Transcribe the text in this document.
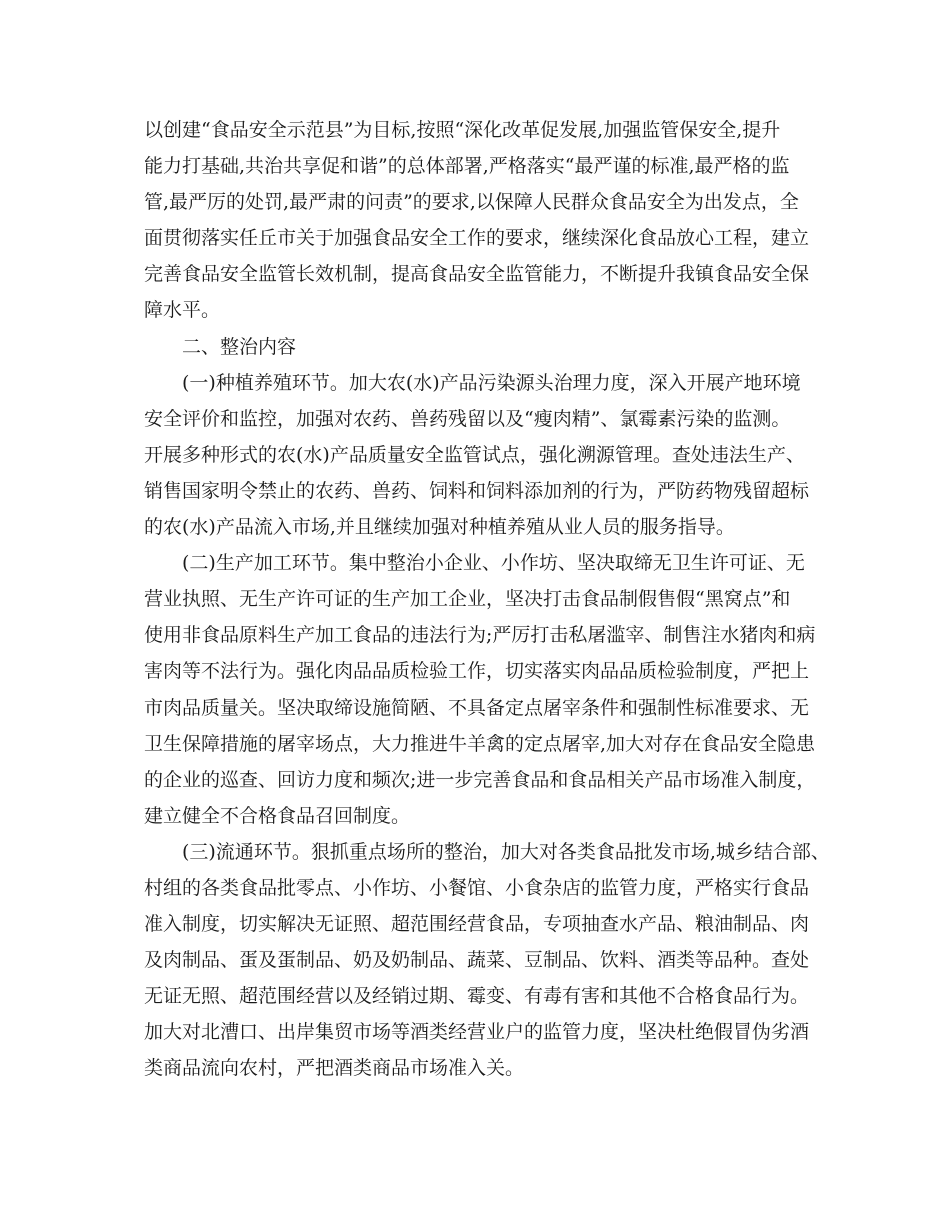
以创建“食品安全示范县”为目标,按照“深化改革促发展,加强监管保安全,提升
能力打基础,共治共享促和谐”的总体部署,严格落实“最严谨的标准,最严格的监
管,最严厉的处罚,最严肃的问责”的要求,以保障人民群众食品安全为出发点，全
面贯彻落实任丘市关于加强食品安全工作的要求，继续深化食品放心工程，建立
完善食品安全监管长效机制，提高食品安全监管能力，不断提升我镇食品安全保
障水平。
二、整治内容
(一)种植养殖环节。加大农(水)产品污染源头治理力度，深入开展产地环境
安全评价和监控，加强对农药、兽药残留以及“瘦肉精”、氯霉素污染的监测。
开展多种形式的农(水)产品质量安全监管试点，强化溯源管理。查处违法生产、
销售国家明令禁止的农药、兽药、饲料和饲料添加剂的行为，严防药物残留超标
的农(水)产品流入市场,并且继续加强对种植养殖从业人员的服务指导。
(二)生产加工环节。集中整治小企业、小作坊、坚决取缔无卫生许可证、无
营业执照、无生产许可证的生产加工企业，坚决打击食品制假售假“黑窝点”和
使用非食品原料生产加工食品的违法行为;严厉打击私屠滥宰、制售注水猪肉和病
害肉等不法行为。强化肉品品质检验工作，切实落实肉品品质检验制度，严把上
市肉品质量关。坚决取缔设施简陋、不具备定点屠宰条件和强制性标准要求、无
卫生保障措施的屠宰场点，大力推进牛羊禽的定点屠宰,加大对存在食品安全隐患
的企业的巡查、回访力度和频次;进一步完善食品和食品相关产品市场准入制度，
建立健全不合格食品召回制度。
(三)流通环节。狠抓重点场所的整治，加大对各类食品批发市场,城乡结合部、
村组的各类食品批零点、小作坊、小餐馆、小食杂店的监管力度，严格实行食品
准入制度，切实解决无证照、超范围经营食品，专项抽查水产品、粮油制品、肉
及肉制品、蛋及蛋制品、奶及奶制品、蔬菜、豆制品、饮料、酒类等品种。查处
无证无照、超范围经营以及经销过期、霉变、有毒有害和其他不合格食品行为。
加大对北漕口、出岸集贸市场等酒类经营业户的监管力度，坚决杜绝假冒伪劣酒
类商品流向农村，严把酒类商品市场准入关。
